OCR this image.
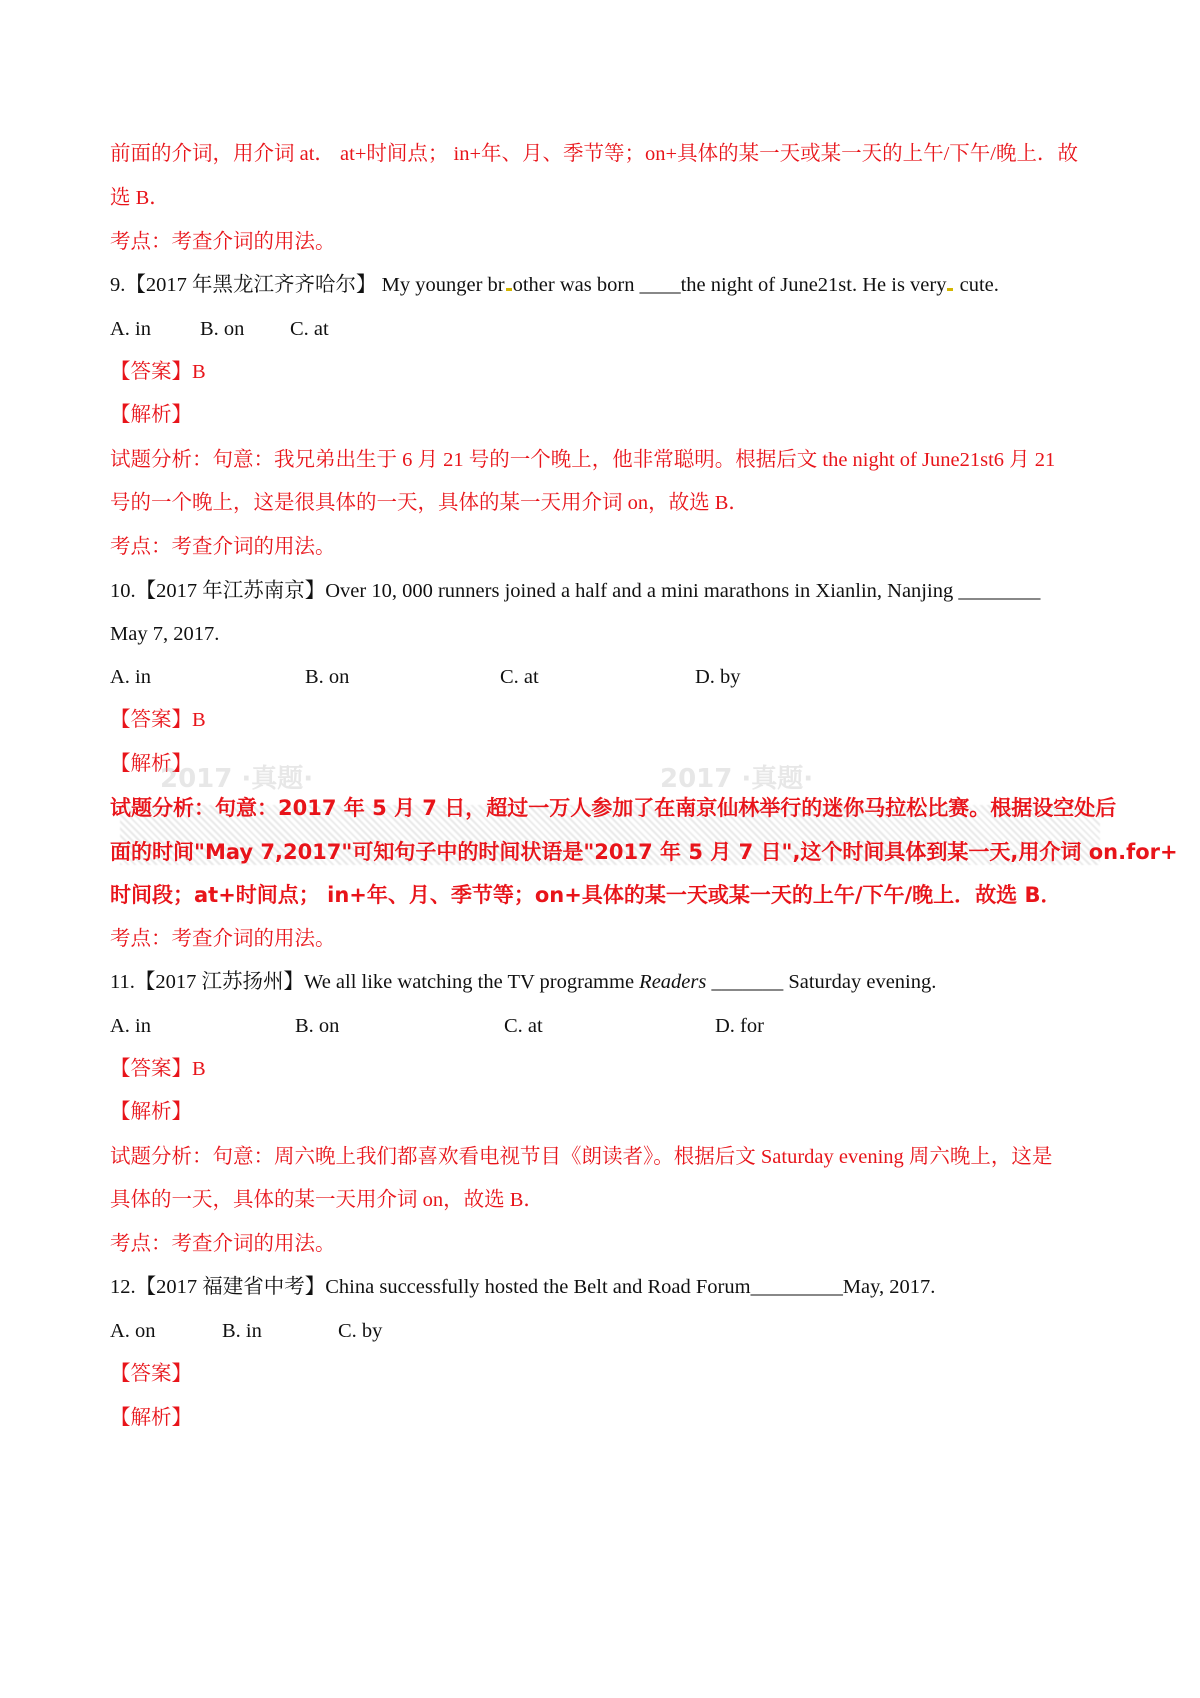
前面的介词，用介词 at． at+时间点； in+年、月、季节等；on+具体的某一天或某一天的上午/下午/晚上．故
选 B．
考点：考查介词的用法。
9.【2017 年黑龙江齐齐哈尔】 My younger br other was born ____the night of June21st. He is very cute.
A. in B. on C. at
【答案】B
【解析】
试题分析：句意：我兄弟出生于 6 月 21 号的一个晚上，他非常聪明。根据后文 the night of June21st6 月 21
号的一个晚上，这是很具体的一天，具体的某一天用介词 on，故选 B．
考点：考查介词的用法。
10.【2017 年江苏南京】Over 10, 000 runners joined a half and a mini marathons in Xianlin, Nanjing ________
May 7, 2017.
A. in	B. on	C. at	D. by
【答案】B
【解析】
2017 ·真题·	2017 ·真题·
试题分析：句意：2017 年 5 月 7 日，超过一万人参加了在南京仙林举行的迷你马拉松比赛。根据设空处后
面的时间"May 7,2017"可知句子中的时间状语是"2017 年 5 月 7 日",这个时间具体到某一天,用介词 on.for+
时间段；at+时间点； in+年、月、季节等；on+具体的某一天或某一天的上午/下午/晚上．故选 B．
考点：考查介词的用法。
11.【2017 江苏扬州】We all like watching the TV programme Readers _______ Saturday evening.
A. in	B. on	C. at	D. for
【答案】B
【解析】
试题分析：句意：周六晚上我们都喜欢看电视节目《朗读者》。根据后文 Saturday evening 周六晚上，这是
具体的一天，具体的某一天用介词 on，故选 B．
考点：考查介词的用法。
12.【2017 福建省中考】China successfully hosted the Belt and Road Forum_________May, 2017.
A. on	B. in	C. by
【答案】
【解析】
